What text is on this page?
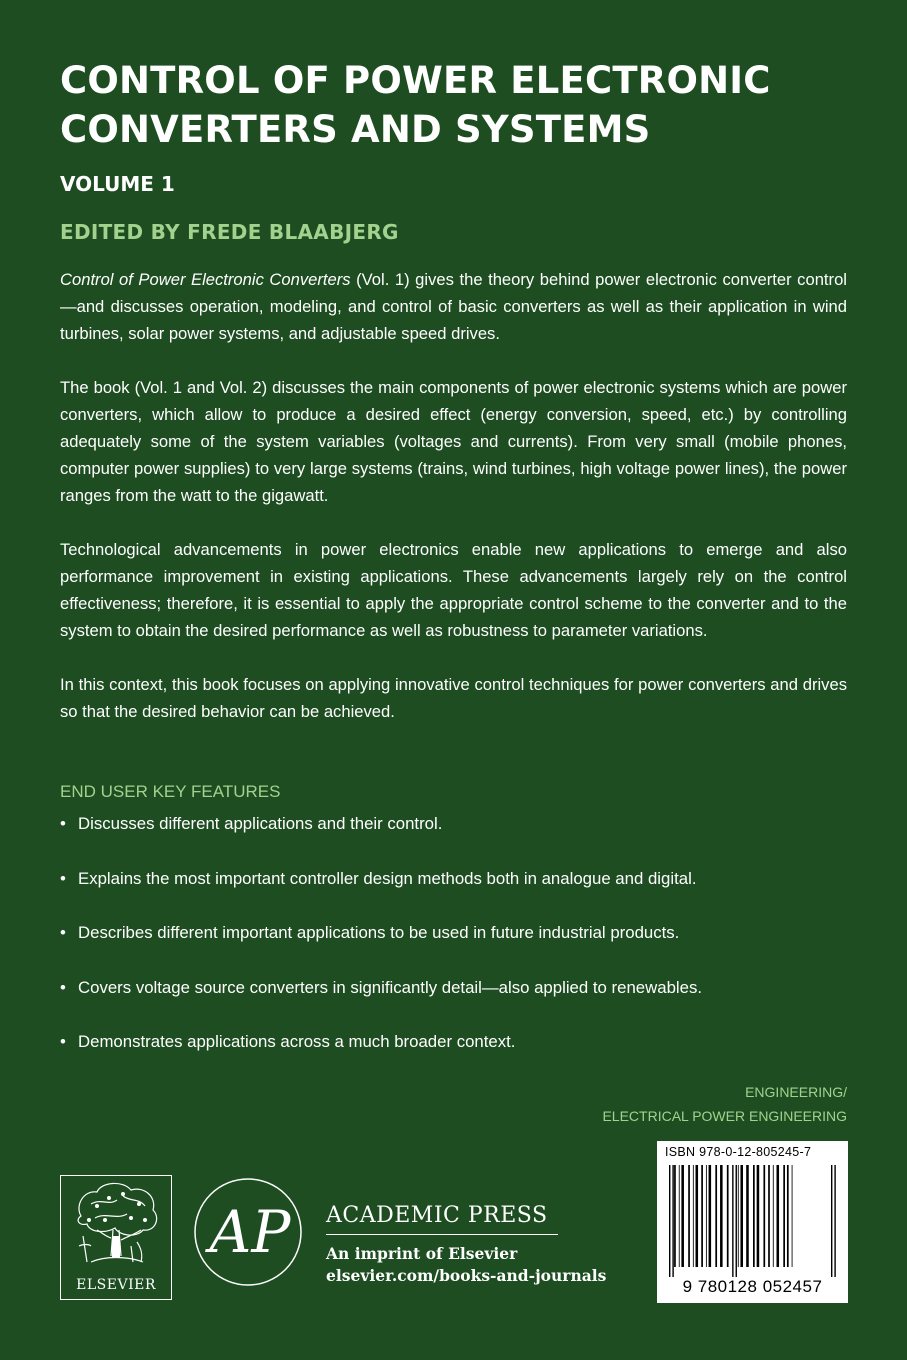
CONTROL OF POWER ELECTRONIC
CONVERTERS AND SYSTEMS
VOLUME 1
EDITED BY FREDE BLAABJERG

Control of Power Electronic Converters (Vol. 1) gives the theory behind power electronic converter control—and discusses operation, modeling, and control of basic converters as well as their application in wind turbines, solar power systems, and adjustable speed drives.

The book (Vol. 1 and Vol. 2) discusses the main components of power electronic systems which are power converters, which allow to produce a desired effect (energy conversion, speed, etc.) by controlling adequately some of the system variables (voltages and currents). From very small (mobile phones, computer power supplies) to very large systems (trains, wind turbines, high voltage power lines), the power ranges from the watt to the gigawatt.

Technological advancements in power electronics enable new applications to emerge and also performance improvement in existing applications. These advancements largely rely on the control effectiveness; therefore, it is essential to apply the appropriate control scheme to the converter and to the system to obtain the desired performance as well as robustness to parameter variations.

In this context, this book focuses on applying innovative control techniques for power converters and drives so that the desired behavior can be achieved.

END USER KEY FEATURES
• Discusses different applications and their control.
• Explains the most important controller design methods both in analogue and digital.
• Describes different important applications to be used in future industrial products.
• Covers voltage source converters in significantly detail—also applied to renewables.
• Demonstrates applications across a much broader context.
ENGINEERING/
ELECTRICAL POWER ENGINEERING
ISBN 978-0-12-805245-7
9 780128 052457
ELSEVIER
AP ACADEMIC PRESS
An imprint of Elsevier
elsevier.com/books-and-journals
